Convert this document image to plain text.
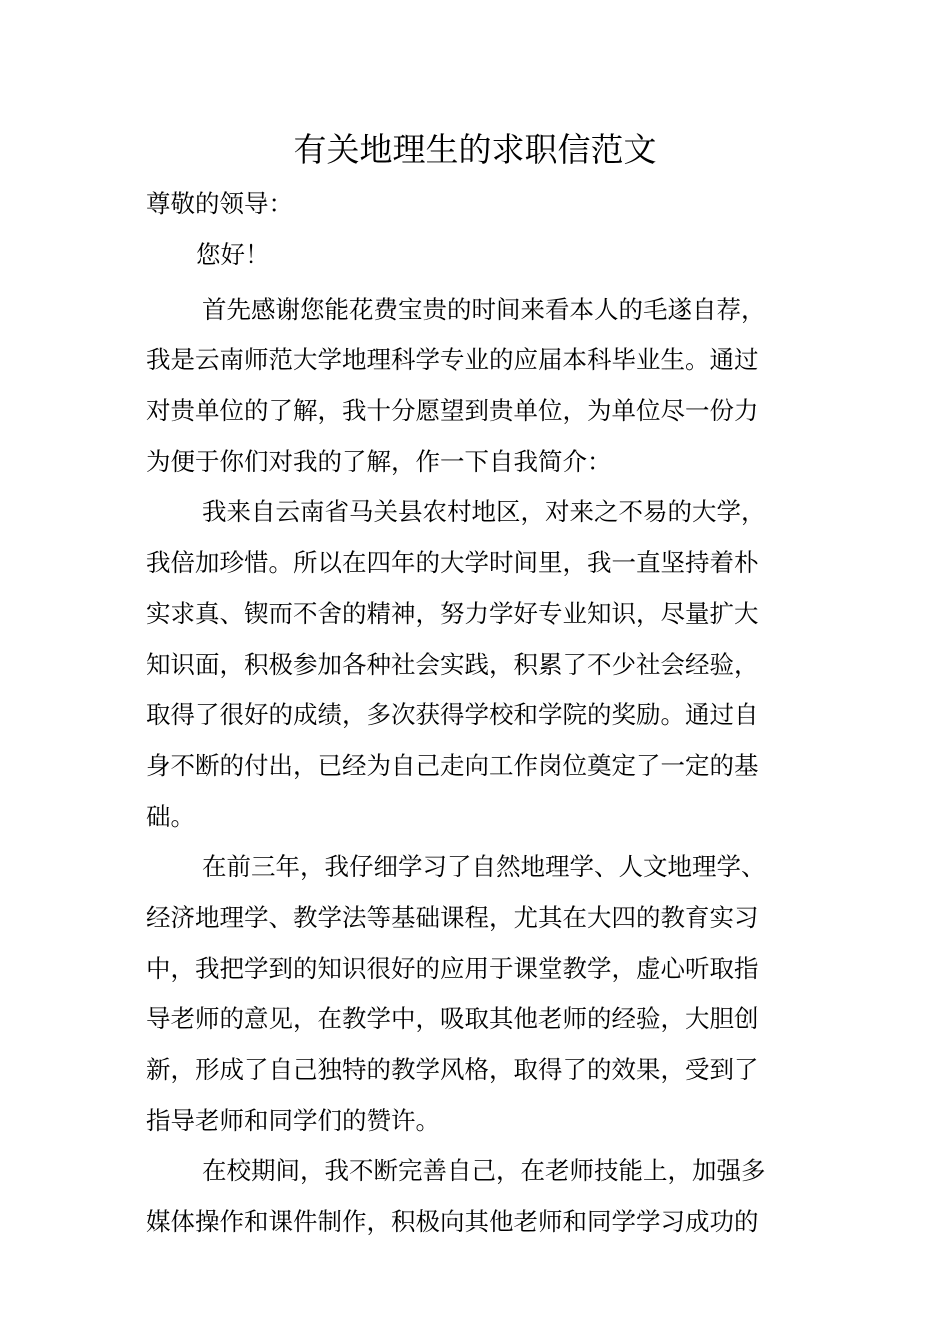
有关地理生的求职信范文
尊敬的领导：
您好！
首先感谢您能花费宝贵的时间来看本人的毛遂自荐，
我是云南师范大学地理科学专业的应届本科毕业生。通过
对贵单位的了解，我十分愿望到贵单位，为单位尽一份力
为便于你们对我的了解，作一下自我简介：
我来自云南省马关县农村地区，对来之不易的大学，
我倍加珍惜。所以在四年的大学时间里，我一直坚持着朴
实求真、锲而不舍的精神，努力学好专业知识，尽量扩大
知识面，积极参加各种社会实践，积累了不少社会经验，
取得了很好的成绩，多次获得学校和学院的奖励。通过自
身不断的付出，已经为自己走向工作岗位奠定了一定的基
础。
在前三年，我仔细学习了自然地理学、人文地理学、
经济地理学、教学法等基础课程，尤其在大四的教育实习
中，我把学到的知识很好的应用于课堂教学，虚心听取指
导老师的意见，在教学中，吸取其他老师的经验，大胆创
新，形成了自己独特的教学风格，取得了的效果，受到了
指导老师和同学们的赞许。
在校期间，我不断完善自己，在老师技能上，加强多
媒体操作和课件制作，积极向其他老师和同学学习成功的
